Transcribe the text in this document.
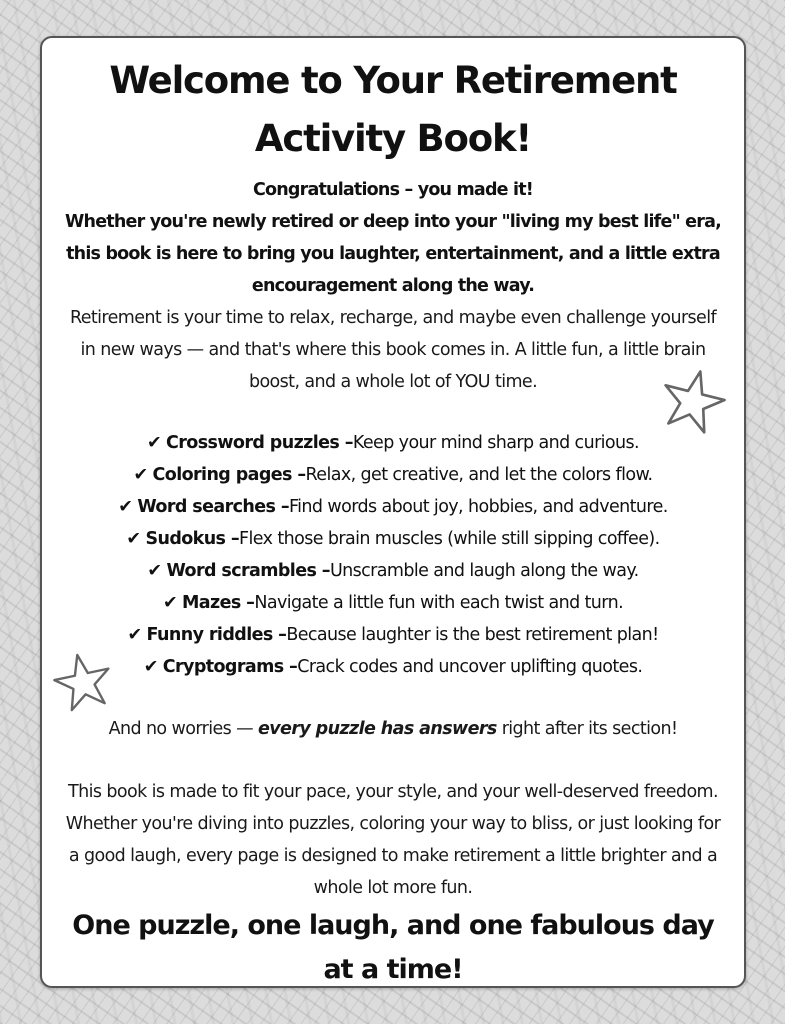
Welcome to Your Retirement
Activity Book!
Congratulations – you made it!
Whether you're newly retired or deep into your "living my best life" era, this book is here to bring you laughter, entertainment, and a little extra encouragement along the way.

Retirement is your time to relax, recharge, and maybe even challenge yourself in new ways — and that's where this book comes in. A little fun, a little brain boost, and a whole lot of YOU time.

✔ Crossword puzzles –Keep your mind sharp and curious.
✔ Coloring pages –Relax, get creative, and let the colors flow.
✔ Word searches –Find words about joy, hobbies, and adventure.
✔ Sudokus –Flex those brain muscles (while still sipping coffee).
✔ Word scrambles –Unscramble and laugh along the way.
✔ Mazes –Navigate a little fun with each twist and turn.
✔ Funny riddles –Because laughter is the best retirement plan!
✔ Cryptograms –Crack codes and uncover uplifting quotes.

And no worries — every puzzle has answers right after its section!

This book is made to fit your pace, your style, and your well-deserved freedom. Whether you're diving into puzzles, coloring your way to bliss, or just looking for a good laugh, every page is designed to make retirement a little brighter and a whole lot more fun.

One puzzle, one laugh, and one fabulous day at a time!
